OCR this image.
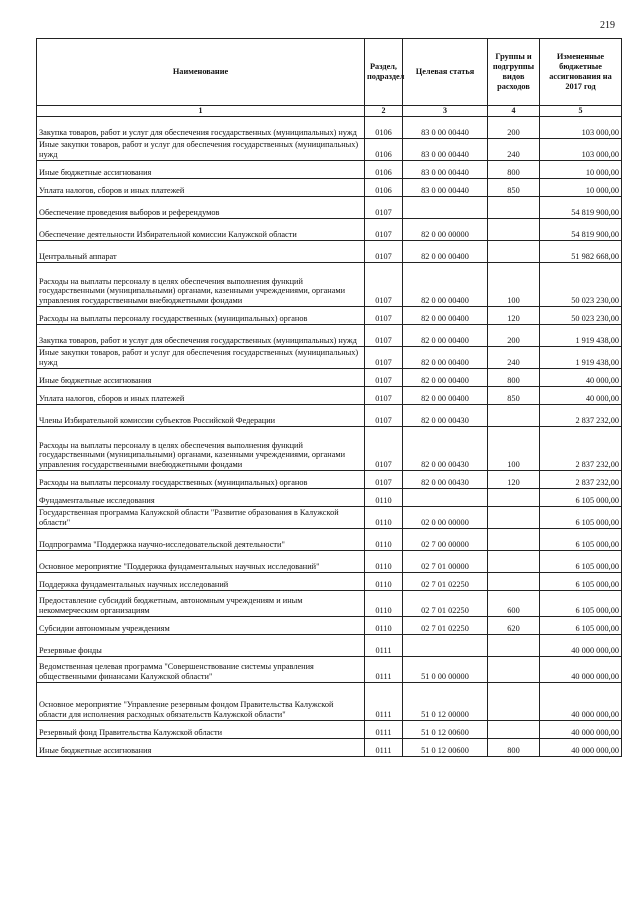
219
Наименование	Раздел, подраздел	Целевая статья	Группы и подгруппы видов расходов	Измененные бюджетные ассигнования на 2017 год
1	2	3	4	5
Закупка товаров, работ и услуг для обеспечения государственных (муниципальных) нужд	0106	83 0 00 00440	200	103 000,00
Иные закупки товаров, работ и услуг для обеспечения государственных (муниципальных) нужд	0106	83 0 00 00440	240	103 000,00
Иные бюджетные ассигнования	0106	83 0 00 00440	800	10 000,00
Уплата налогов, сборов и иных платежей	0106	83 0 00 00440	850	10 000,00
Обеспечение проведения выборов и референдумов	0107			54 819 900,00
Обеспечение деятельности Избирательной комиссии Калужской области	0107	82 0 00 00000		54 819 900,00
Центральный аппарат	0107	82 0 00 00400		51 982 668,00
Расходы на выплаты персоналу в целях обеспечения выполнения функций государственными (муниципальными) органами, казенными учреждениями, органами управления государственными внебюджетными фондами	0107	82 0 00 00400	100	50 023 230,00
Расходы на выплаты персоналу государственных (муниципальных) органов	0107	82 0 00 00400	120	50 023 230,00
Закупка товаров, работ и услуг для обеспечения государственных (муниципальных) нужд	0107	82 0 00 00400	200	1 919 438,00
Иные закупки товаров, работ и услуг для обеспечения государственных (муниципальных) нужд	0107	82 0 00 00400	240	1 919 438,00
Иные бюджетные ассигнования	0107	82 0 00 00400	800	40 000,00
Уплата налогов, сборов и иных платежей	0107	82 0 00 00400	850	40 000,00
Члены Избирательной комиссии субъектов Российской Федерации	0107	82 0 00 00430		2 837 232,00
Расходы на выплаты персоналу в целях обеспечения выполнения функций государственными (муниципальными) органами, казенными учреждениями, органами управления государственными внебюджетными фондами	0107	82 0 00 00430	100	2 837 232,00
Расходы на выплаты персоналу государственных (муниципальных) органов	0107	82 0 00 00430	120	2 837 232,00
Фундаментальные исследования	0110			6 105 000,00
Государственная программа Калужской области "Развитие образования в Калужской области"	0110	02 0 00 00000		6 105 000,00
Подпрограмма "Поддержка научно-исследовательской деятельности"	0110	02 7 00 00000		6 105 000,00
Основное мероприятие "Поддержка фундаментальных научных исследований"	0110	02 7 01 00000		6 105 000,00
Поддержка фундаментальных научных исследований	0110	02 7 01 02250		6 105 000,00
Предоставление субсидий бюджетным, автономным учреждениям и иным некоммерческим организациям	0110	02 7 01 02250	600	6 105 000,00
Субсидии автономным учреждениям	0110	02 7 01 02250	620	6 105 000,00
Резервные фонды	0111			40 000 000,00
Ведомственная целевая программа "Совершенствование системы управления общественными финансами Калужской области"	0111	51 0 00 00000		40 000 000,00
Основное мероприятие "Управление резервным фондом Правительства Калужской области для исполнения расходных обязательств Калужской области"	0111	51 0 12 00000		40 000 000,00
Резервный фонд Правительства Калужской области	0111	51 0 12 00600		40 000 000,00
Иные бюджетные ассигнования	0111	51 0 12 00600	800	40 000 000,00
